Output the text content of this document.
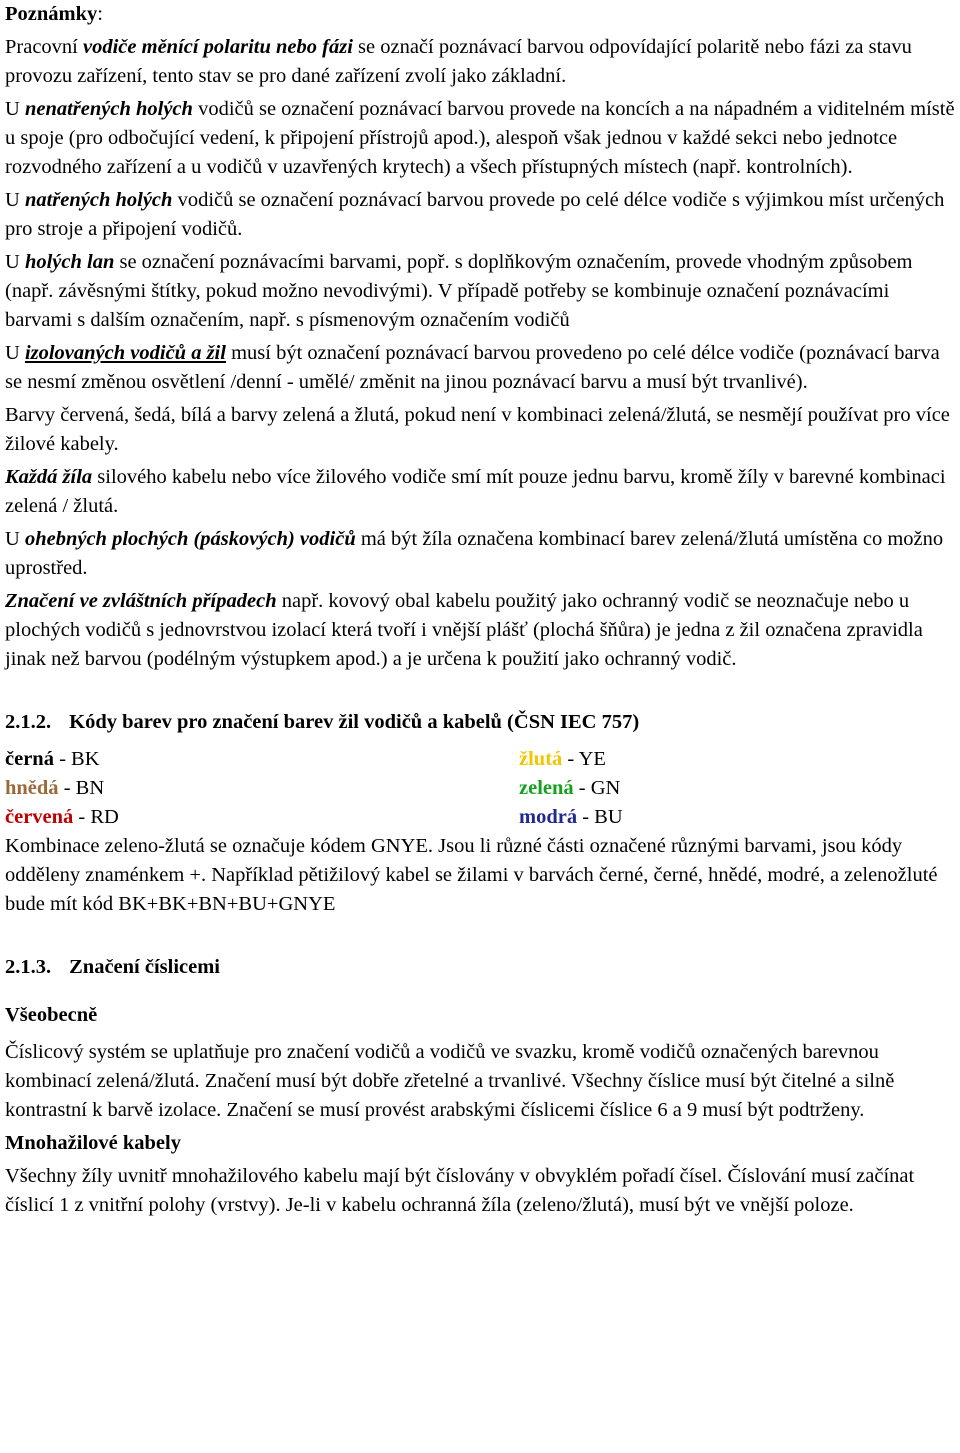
Poznámky:

Pracovní vodiče měnící polaritu nebo fázi se označí poznávací barvou odpovídající polaritě nebo fázi za stavu provozu zařízení, tento stav se pro dané zařízení zvolí jako základní.

U nenatřených holých vodičů se označení poznávací barvou provede na koncích a na nápadném a viditelném místě u spoje (pro odbočující vedení, k připojení přístrojů apod.), alespoň však jednou v každé sekci nebo jednotce rozvodného zařízení a u vodičů v uzavřených krytech) a všech přístupných místech (např. kontrolních).

U natřených holých vodičů se označení poznávací barvou provede po celé délce vodiče s výjimkou míst určených pro stroje a připojení vodičů.

U holých lan se označení poznávacími barvami, popř. s doplňkovým označením, provede vhodným způsobem (např. závěsnými štítky, pokud možno nevodivými). V případě potřeby se kombinuje označení poznávacími barvami s dalším označením, např. s písmenovým označením vodičů

U izolovaných vodičů a žil musí být označení poznávací barvou provedeno po celé délce vodiče (poznávací barva se nesmí změnou osvětlení /denní - umělé/ změnit na jinou poznávací barvu a musí být trvanlivé).

Barvy červená, šedá, bílá a barvy zelená a žlutá, pokud není v kombinaci zelená/žlutá, se nesmějí používat pro více žilové kabely.

Každá žíla silového kabelu nebo více žilového vodiče smí mít pouze jednu barvu, kromě žíly v barevné kombinaci zelená / žlutá.

U ohebných plochých (páskových) vodičů má být žíla označena kombinací barev zelená/žlutá umístěna co možno uprostřed.

Značení ve zvláštních případech např. kovový obal kabelu použitý jako ochranný vodič se neoznačuje nebo u plochých vodičů s jednovrstvou izolací která tvoří i vnější plášť (plochá šňůra) je jedna z žil označena zpravidla jinak než barvou (podélným výstupkem apod.) a je určena k použití jako ochranný vodič.

2.1.2. Kódy barev pro značení barev žil vodičů a kabelů (ČSN IEC 757)

černá - BK	žlutá - YE
hnědá - BN	zelená - GN
červená - RD	modrá - BU

Kombinace zeleno-žlutá se označuje kódem GNYE. Jsou li různé části označené různými barvami, jsou kódy odděleny znaménkem +. Například pětižilový kabel se žilami v barvách černé, černé, hnědé, modré, a zelenožluté bude mít kód BK+BK+BN+BU+GNYE

2.1.3. Značení číslicemi

Všeobecně

Číslicový systém se uplatňuje pro značení vodičů a vodičů ve svazku, kromě vodičů označených barevnou kombinací zelená/žlutá. Značení musí být dobře zřetelné a trvanlivé. Všechny číslice musí být čitelné a silně kontrastní k barvě izolace. Značení se musí provést arabskými číslicemi číslice 6 a 9 musí být podtrženy.

Mnohažilové kabely

Všechny žíly uvnitř mnohažilového kabelu mají být číslovány v obvyklém pořadí čísel. Číslování musí začínat číslicí 1 z vnitřní polohy (vrstvy). Je-li v kabelu ochranná žíla (zeleno/žlutá), musí být ve vnější poloze.
